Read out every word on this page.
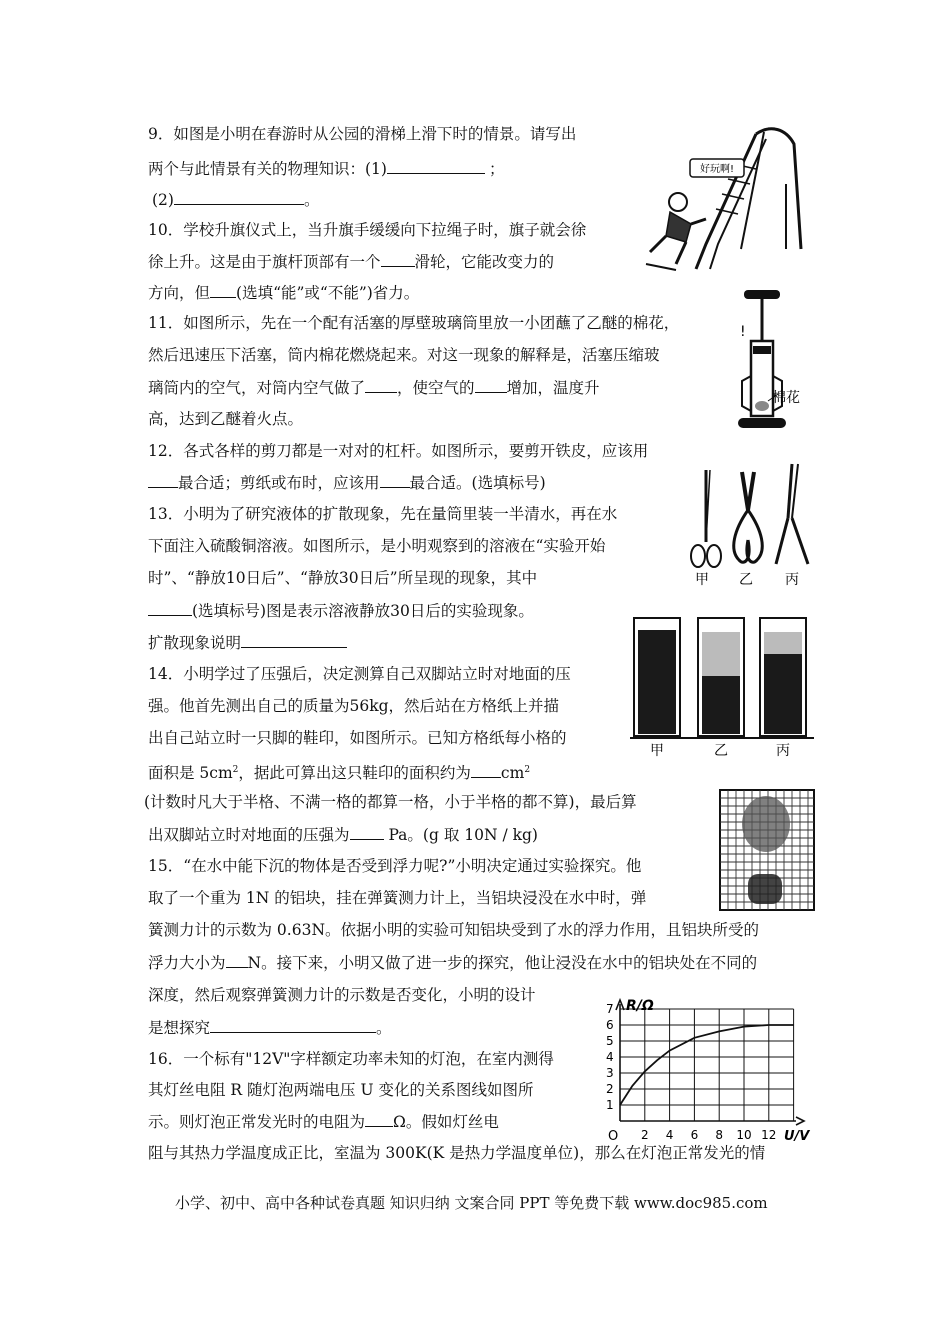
9．如图是小明在春游时从公园的滑梯上滑下时的情景。请写出
两个与此情景有关的物理知识：(1)	；
(2)	。
10．学校升旗仪式上，当升旗手缓缓向下拉绳子时，旗子就会徐
徐上升。这是由于旗杆顶部有一个 滑轮，它能改变力的
方向，但 (选填“能”或“不能”)省力。
11．如图所示，先在一个配有活塞的厚壁玻璃筒里放一小团蘸了乙醚的棉花，
然后迅速压下活塞，筒内棉花燃烧起来。对这一现象的解释是，活塞压缩玻
璃筒内的空气，对筒内空气做了 ，使空气的 增加，温度升
高，达到乙醚着火点。
12．各式各样的剪刀都是一对对的杠杆。如图所示，要剪开铁皮，应该用
最合适；剪纸或布时，应该用 最合适。(选填标号)
13．小明为了研究液体的扩散现象，先在量筒里装一半清水，再在水
下面注入硫酸铜溶液。如图所示，是小明观察到的溶液在“实验开始
时”、“静放10日后”、“静放30日后”所呈现的现象，其中
(选填标号)图是表示溶液静放30日后的实验现象。
扩散现象说明
14．小明学过了压强后，决定测算自己双脚站立时对地面的压
强。他首先测出自己的质量为56kg，然后站在方格纸上并描
出自己站立时一只脚的鞋印，如图所示。已知方格纸每小格的
面积是 $5cm^2$，据此可算出这只鞋印的面积约为 $cm^2$
(计数时凡大于半格、不满一格的都算一格，小于半格的都不算)，最后算
出双脚站立时对地面的压强为 Pa。(g 取 10N / kg)
15．“在水中能下沉的物体是否受到浮力呢?”小明决定通过实验探究。他
取了一个重为 1N 的铝块，挂在弹簧测力计上，当铝块浸没在水中时，弹
簧测力计的示数为 0.63N。依据小明的实验可知铝块受到了水的浮力作用，且铝块所受的
浮力大小为 N。接下来，小明又做了进一步的探究，他让浸没在水中的铝块处在不同的
深度，然后观察弹簧测力计的示数是否变化，小明的设计
是想探究	。
16．一个标有"12V"字样额定功率未知的灯泡，在室内测得
其灯丝电阻 R 随灯泡两端电压 U 变化的关系图线如图所
示。则灯泡正常发光时的电阻为 Ω。假如灯丝电
阻与其热力学温度成正比，室温为 300K(K 是热力学温度单位)，那么在灯泡正常发光的情
好玩啊!
!
棉花
甲 乙 丙
甲	乙	丙
R/Ω
U/V
O
1
2
3
4
5
6
7
2 4 6 8 10 12
小学、初中、高中各种试卷真题 知识归纳 文案合同 PPT 等免费下载 www.doc985.com
